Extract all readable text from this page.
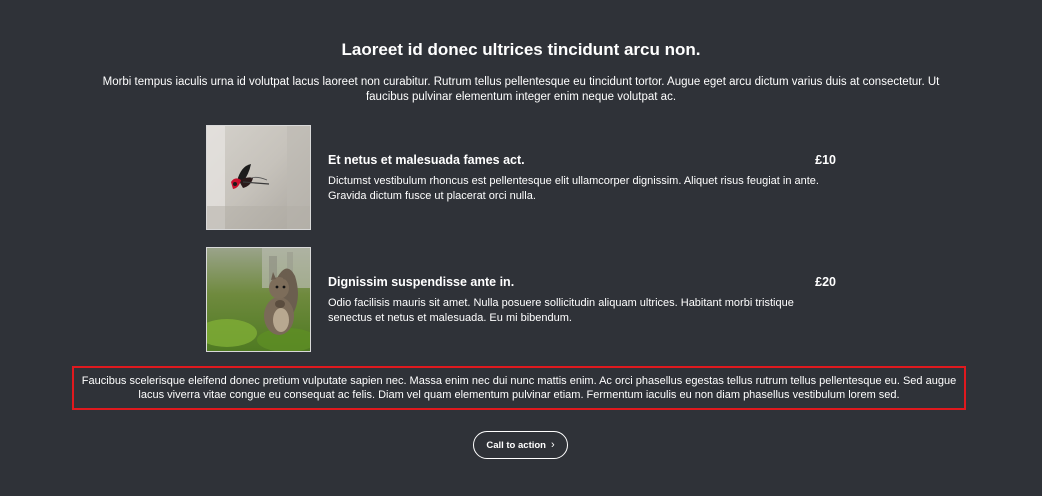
Laoreet id donec ultrices tincidunt arcu non.
Morbi tempus iaculis urna id volutpat lacus laoreet non curabitur. Rutrum tellus pellentesque eu tincidunt tortor. Augue eget arcu dictum varius duis at consectetur. Ut faucibus pulvinar elementum integer enim neque volutpat ac.
Et netus et malesuada fames act.	£10
Dictumst vestibulum rhoncus est pellentesque elit ullamcorper dignissim. Aliquet risus feugiat in ante. Gravida dictum fusce ut placerat orci nulla.
Dignissim suspendisse ante in.	£20
Odio facilisis mauris sit amet. Nulla posuere sollicitudin aliquam ultrices. Habitant morbi tristique senectus et netus et malesuada. Eu mi bibendum.
Faucibus scelerisque eleifend donec pretium vulputate sapien nec. Massa enim nec dui nunc mattis enim. Ac orci phasellus egestas tellus rutrum tellus pellentesque eu. Sed augue lacus viverra vitae congue eu consequat ac felis. Diam vel quam elementum pulvinar etiam. Fermentum iaculis eu non diam phasellus vestibulum lorem sed.
Call to action ›
